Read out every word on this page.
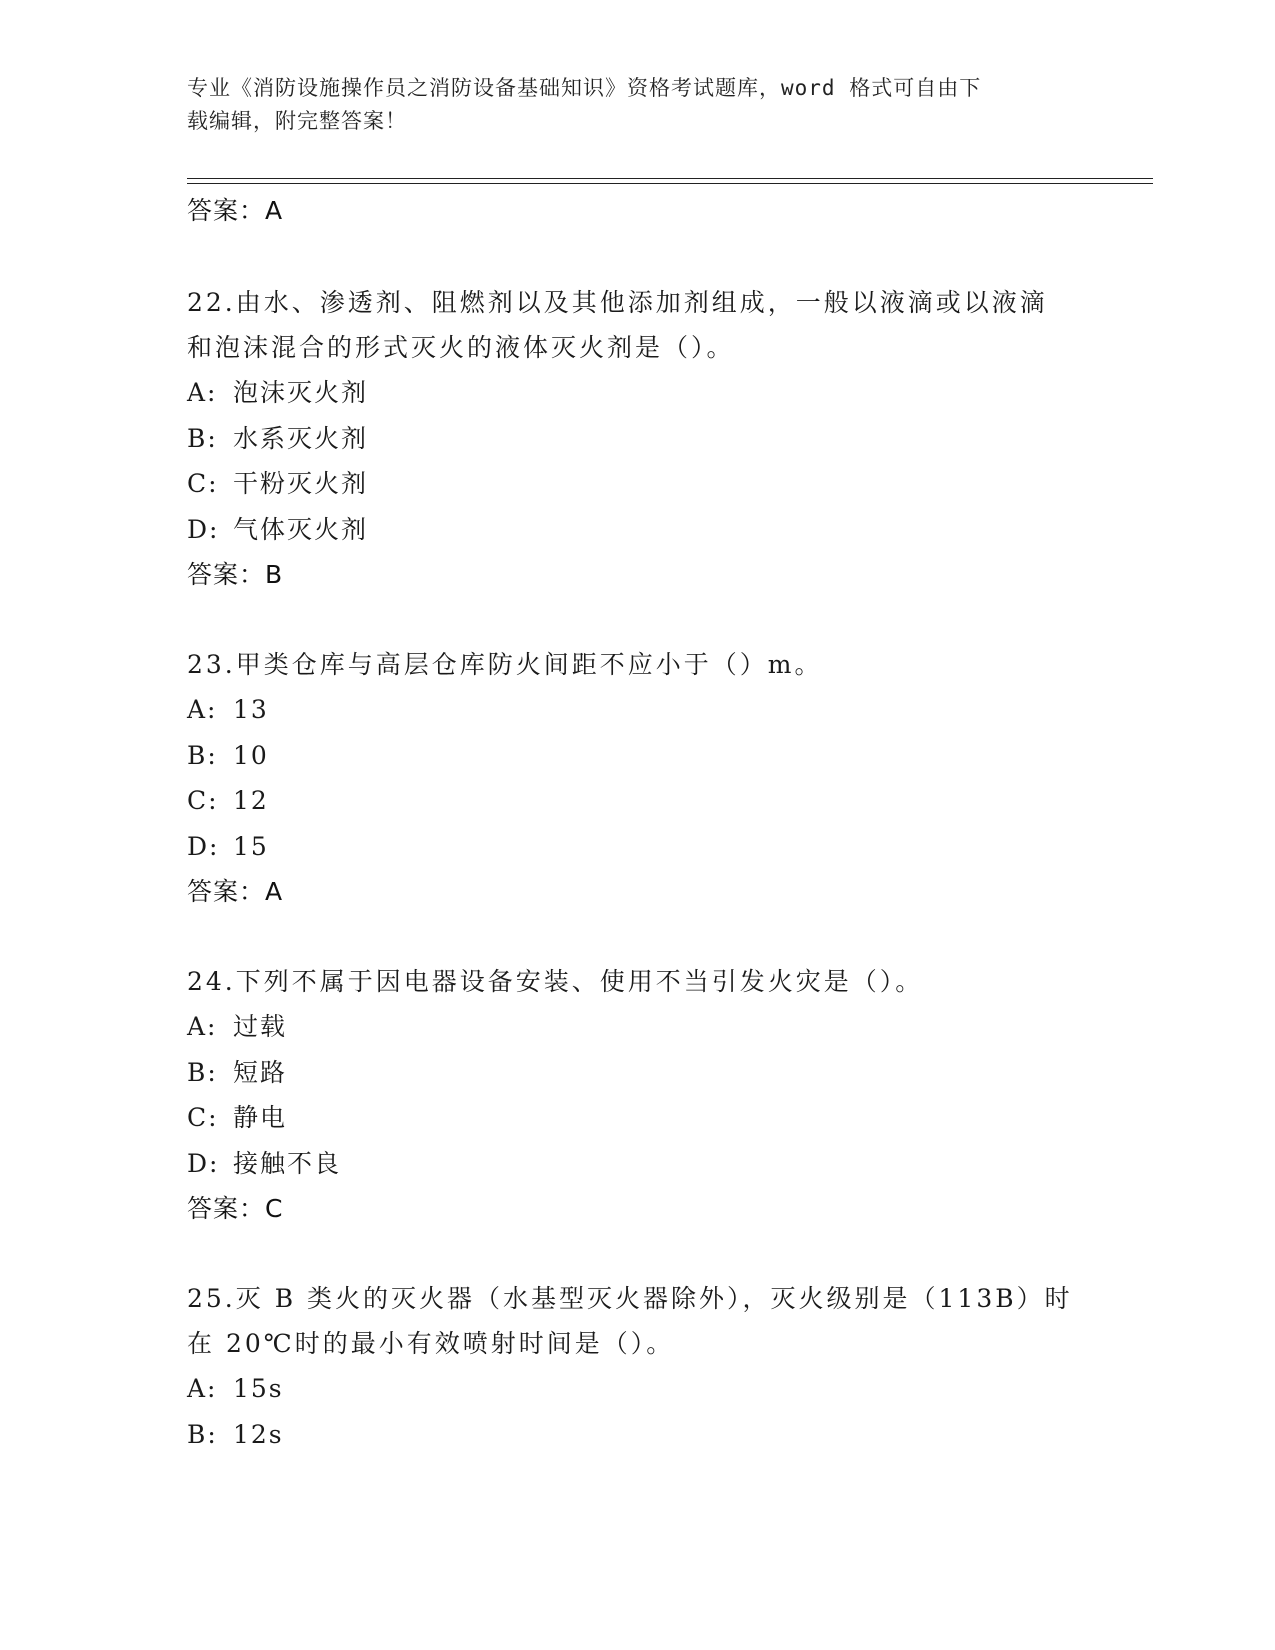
专业《消防设施操作员之消防设备基础知识》资格考试题库，word 格式可自由下
载编辑，附完整答案！
答案：A
22.由水、渗透剂、阻燃剂以及其他添加剂组成，一般以液滴或以液滴
和泡沫混合的形式灭火的液体灭火剂是（）。
A: 泡沫灭火剂
B: 水系灭火剂
C: 干粉灭火剂
D: 气体灭火剂
答案：B
23.甲类仓库与高层仓库防火间距不应小于（）m。
A: 13
B: 10
C: 12
D: 15
答案：A
24.下列不属于因电器设备安装、使用不当引发火灾是（）。
A: 过载
B: 短路
C: 静电
D: 接触不良
答案：C
25.灭 B 类火的灭火器（水基型灭火器除外），灭火级别是（113B）时
在 20℃时的最小有效喷射时间是（）。
A: 15s
B: 12s
